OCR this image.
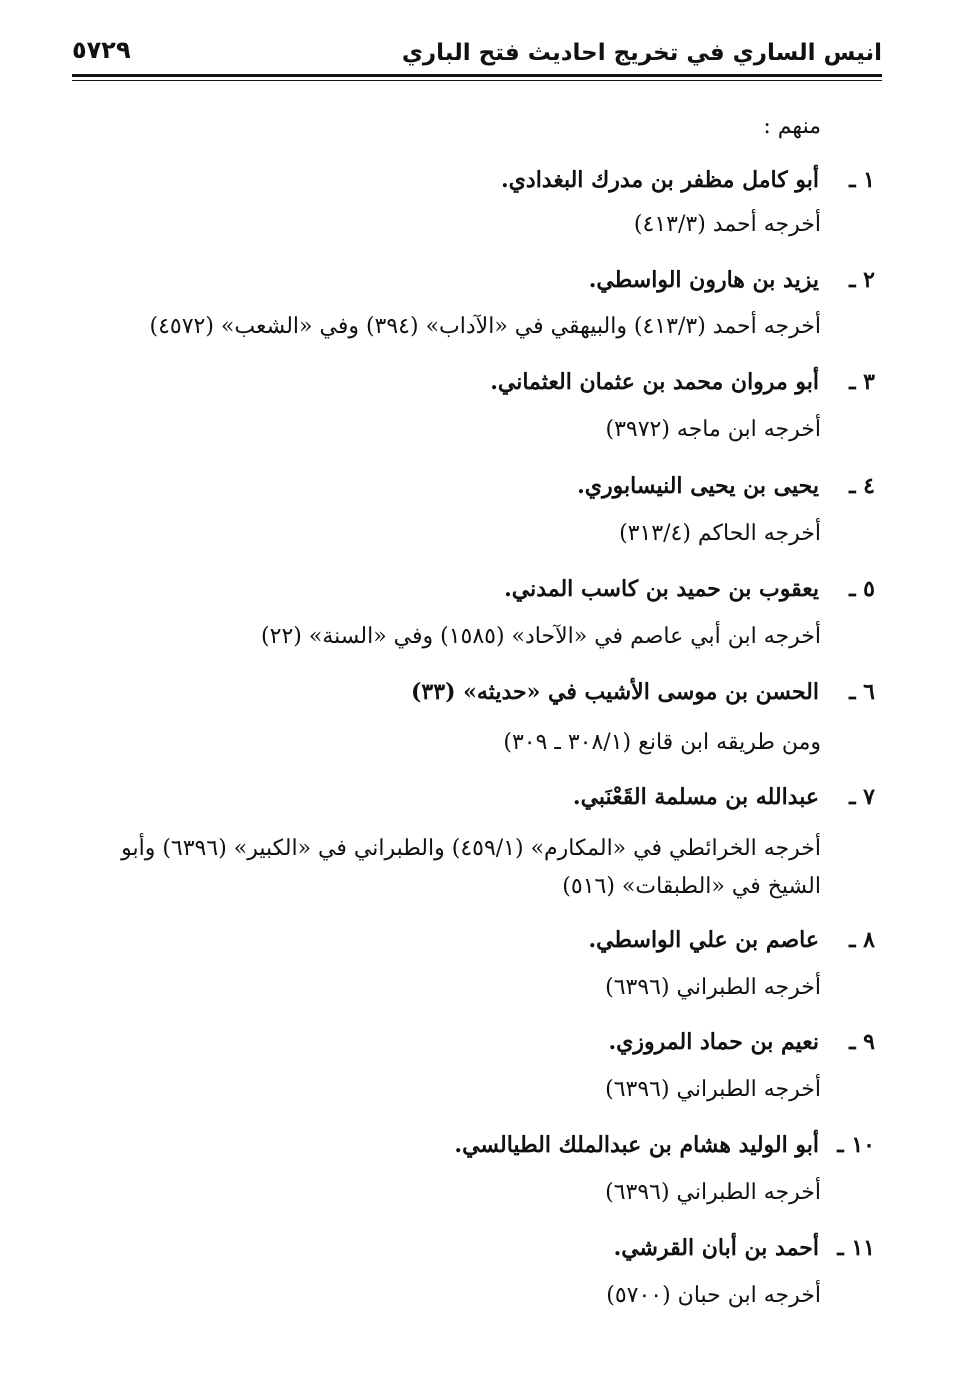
انيس الساري في تخريج احاديث فتح الباري
٥٧٢٩
منهم :
١ ـ
أبو كامل مظفر بن مدرك البغدادي.
أخرجه أحمد (٤١٣/٣)
٢ ـ
يزيد بن هارون الواسطي.
أخرجه أحمد (٤١٣/٣) والبيهقي في «الآداب» (٣٩٤) وفي «الشعب» (٤٥٧٢)
٣ ـ
أبو مروان محمد بن عثمان العثماني.
أخرجه ابن ماجه (٣٩٧٢)
٤ ـ
يحيى بن يحيى النيسابوري.
أخرجه الحاكم (٣١٣/٤)
٥ ـ
يعقوب بن حميد بن كاسب المدني.
أخرجه ابن أبي عاصم في «الآحاد» (١٥٨٥) وفي «السنة» (٢٢)
٦ ـ
الحسن بن موسى الأشيب في «حديثه» (٣٣)
ومن طريقه ابن قانع (٣٠٨/١ ـ ٣٠٩)
٧ ـ
عبدالله بن مسلمة القَعْنَبي.
أخرجه الخرائطي في «المكارم» (٤٥٩/١) والطبراني في «الكبير» (٦٣٩٦) وأبو الشيخ في «الطبقات» (٥١٦)
٨ ـ
عاصم بن علي الواسطي.
أخرجه الطبراني (٦٣٩٦)
٩ ـ
نعيم بن حماد المروزي.
أخرجه الطبراني (٦٣٩٦)
١٠ ـ
أبو الوليد هشام بن عبدالملك الطيالسي.
أخرجه الطبراني (٦٣٩٦)
١١ ـ
أحمد بن أبان القرشي.
أخرجه ابن حبان (٥٧٠٠)
